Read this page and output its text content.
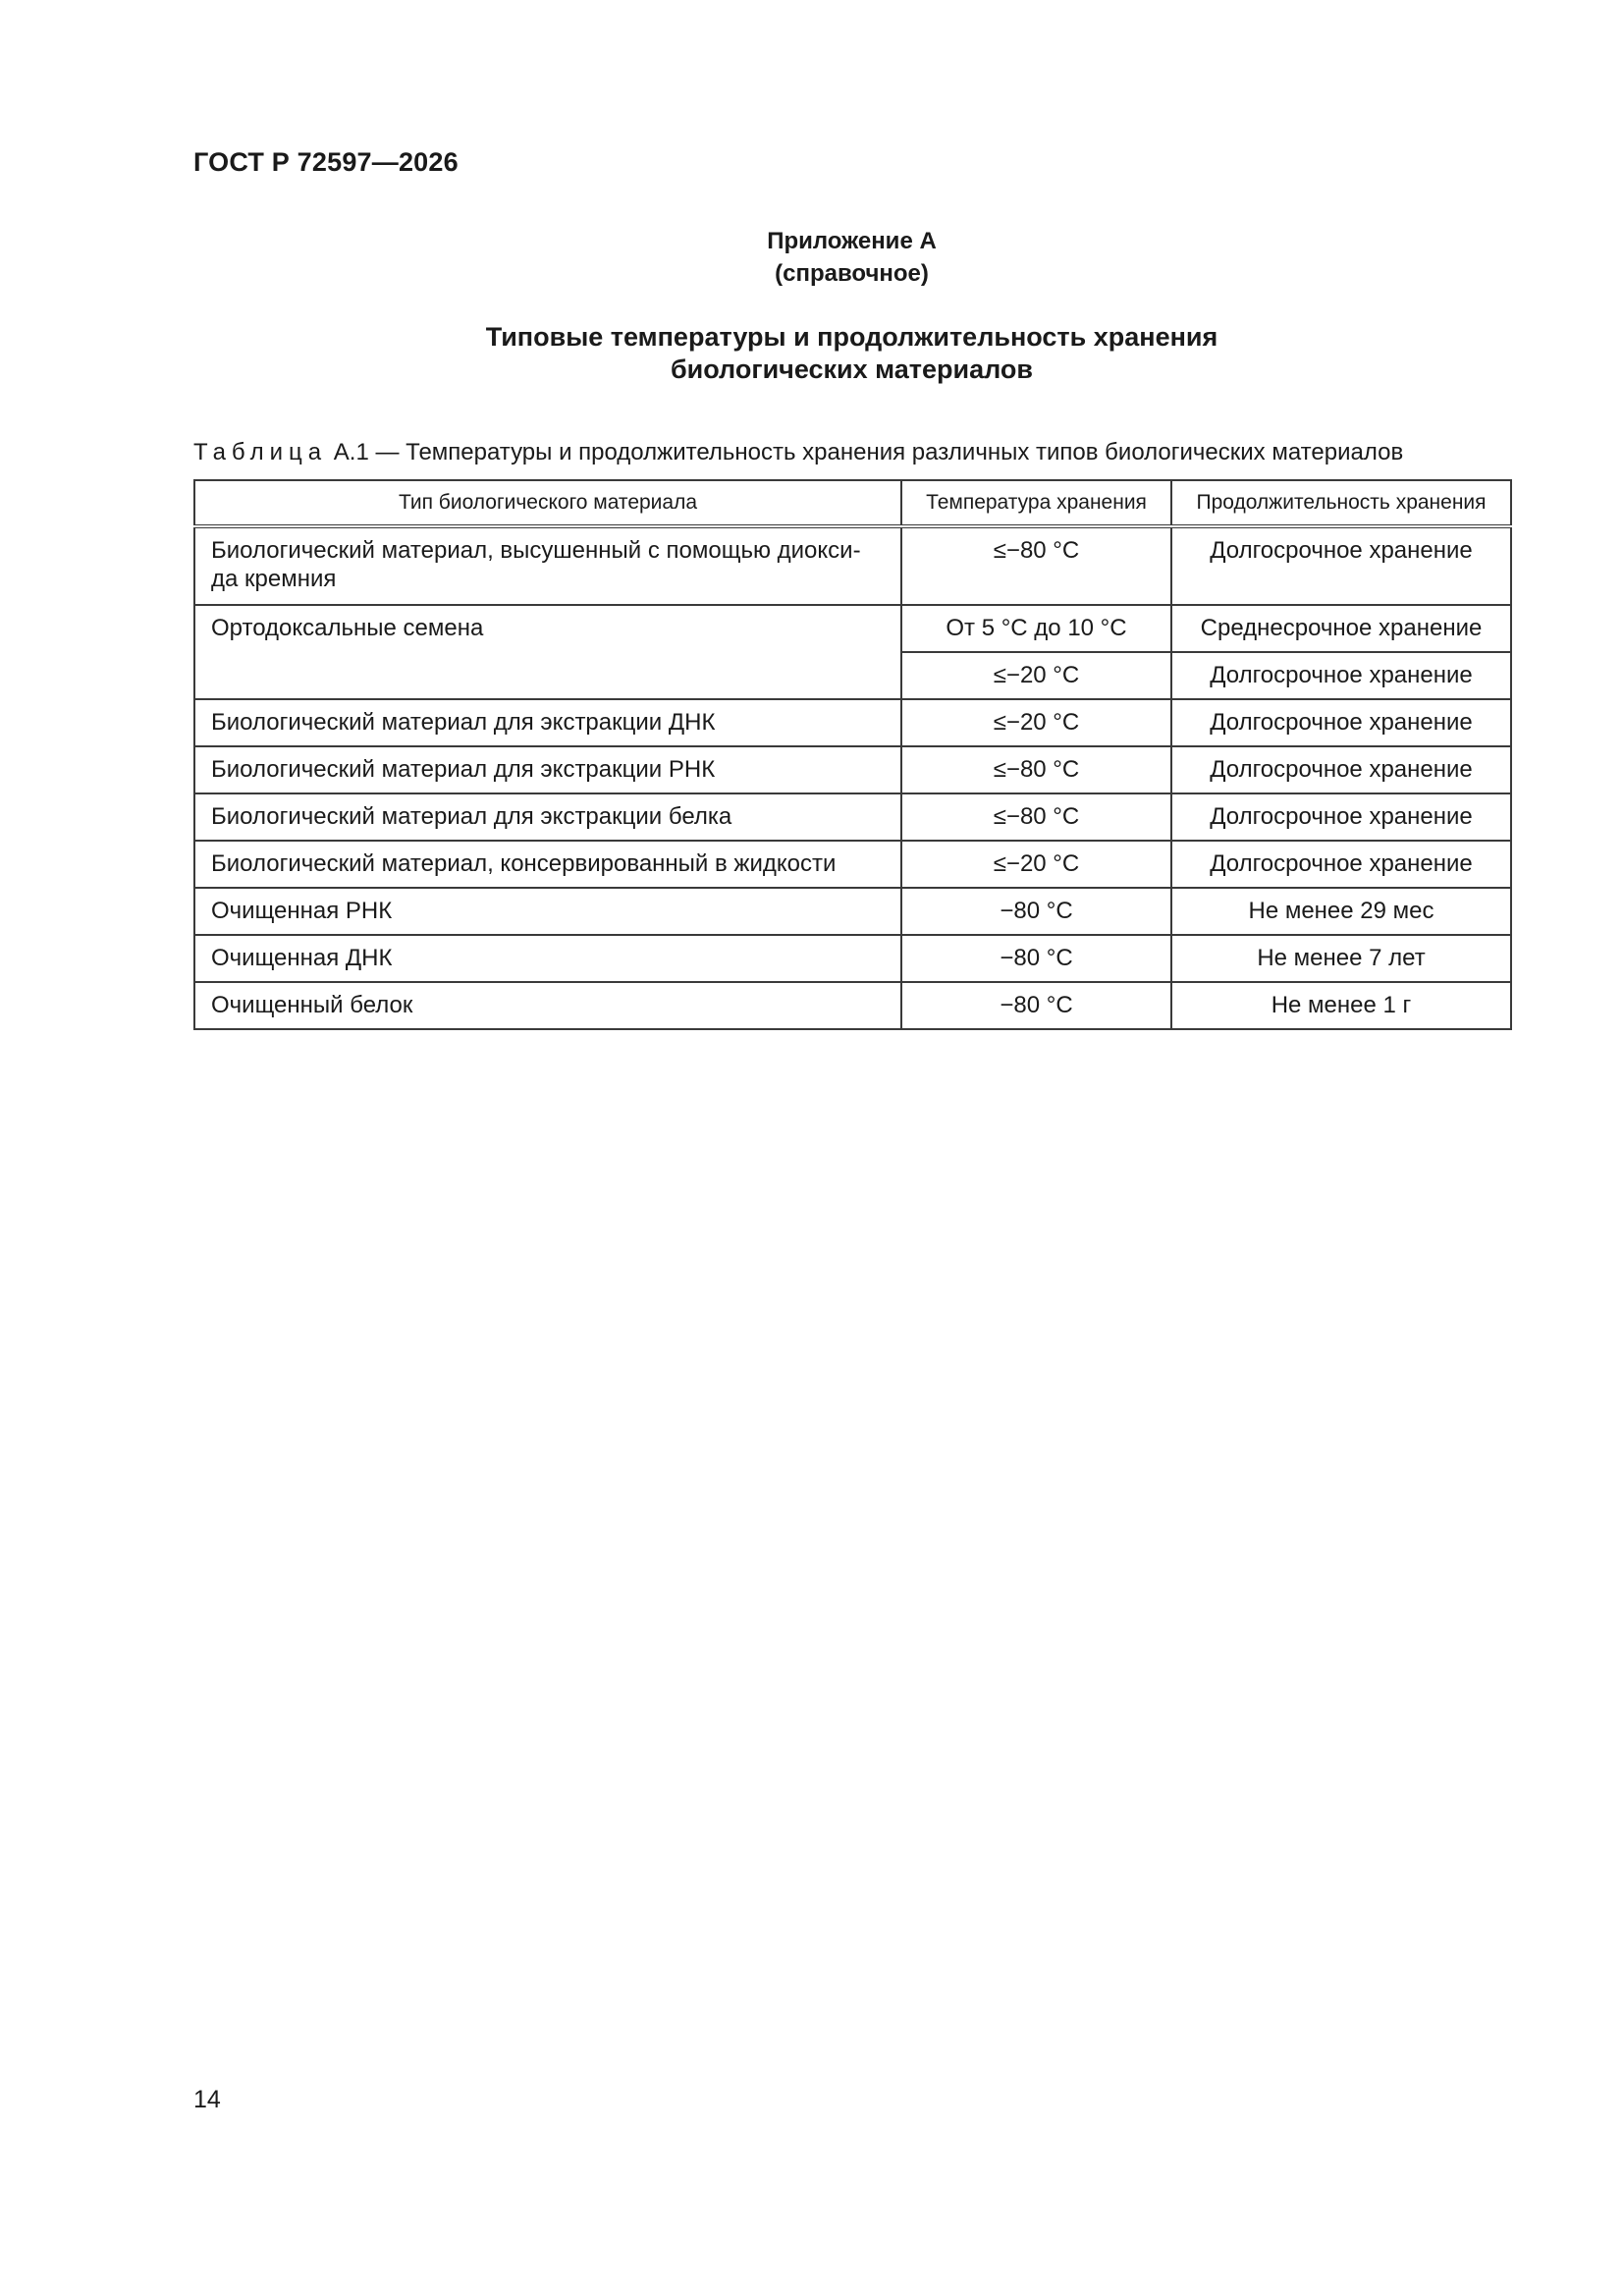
ГОСТ Р 72597—2026
Приложение А
(справочное)
Типовые температуры и продолжительность хранения
биологических материалов
Таблица А.1 — Температуры и продолжительность хранения различных типов биологических материалов
Тип биологического материала	Температура хранения	Продолжительность хранения
Биологический материал, высушенный с помощью диокси-
да кремния	≤−80 °C	Долгосрочное хранение
Ортодоксальные семена	От 5 °C до 10 °C	Среднесрочное хранение
	≤−20 °C	Долгосрочное хранение
Биологический материал для экстракции ДНК	≤−20 °C	Долгосрочное хранение
Биологический материал для экстракции РНК	≤−80 °C	Долгосрочное хранение
Биологический материал для экстракции белка	≤−80 °C	Долгосрочное хранение
Биологический материал, консервированный в жидкости	≤−20 °C	Долгосрочное хранение
Очищенная РНК	−80 °C	Не менее 29 мес
Очищенная ДНК	−80 °C	Не менее 7 лет
Очищенный белок	−80 °C	Не менее 1 г
14
